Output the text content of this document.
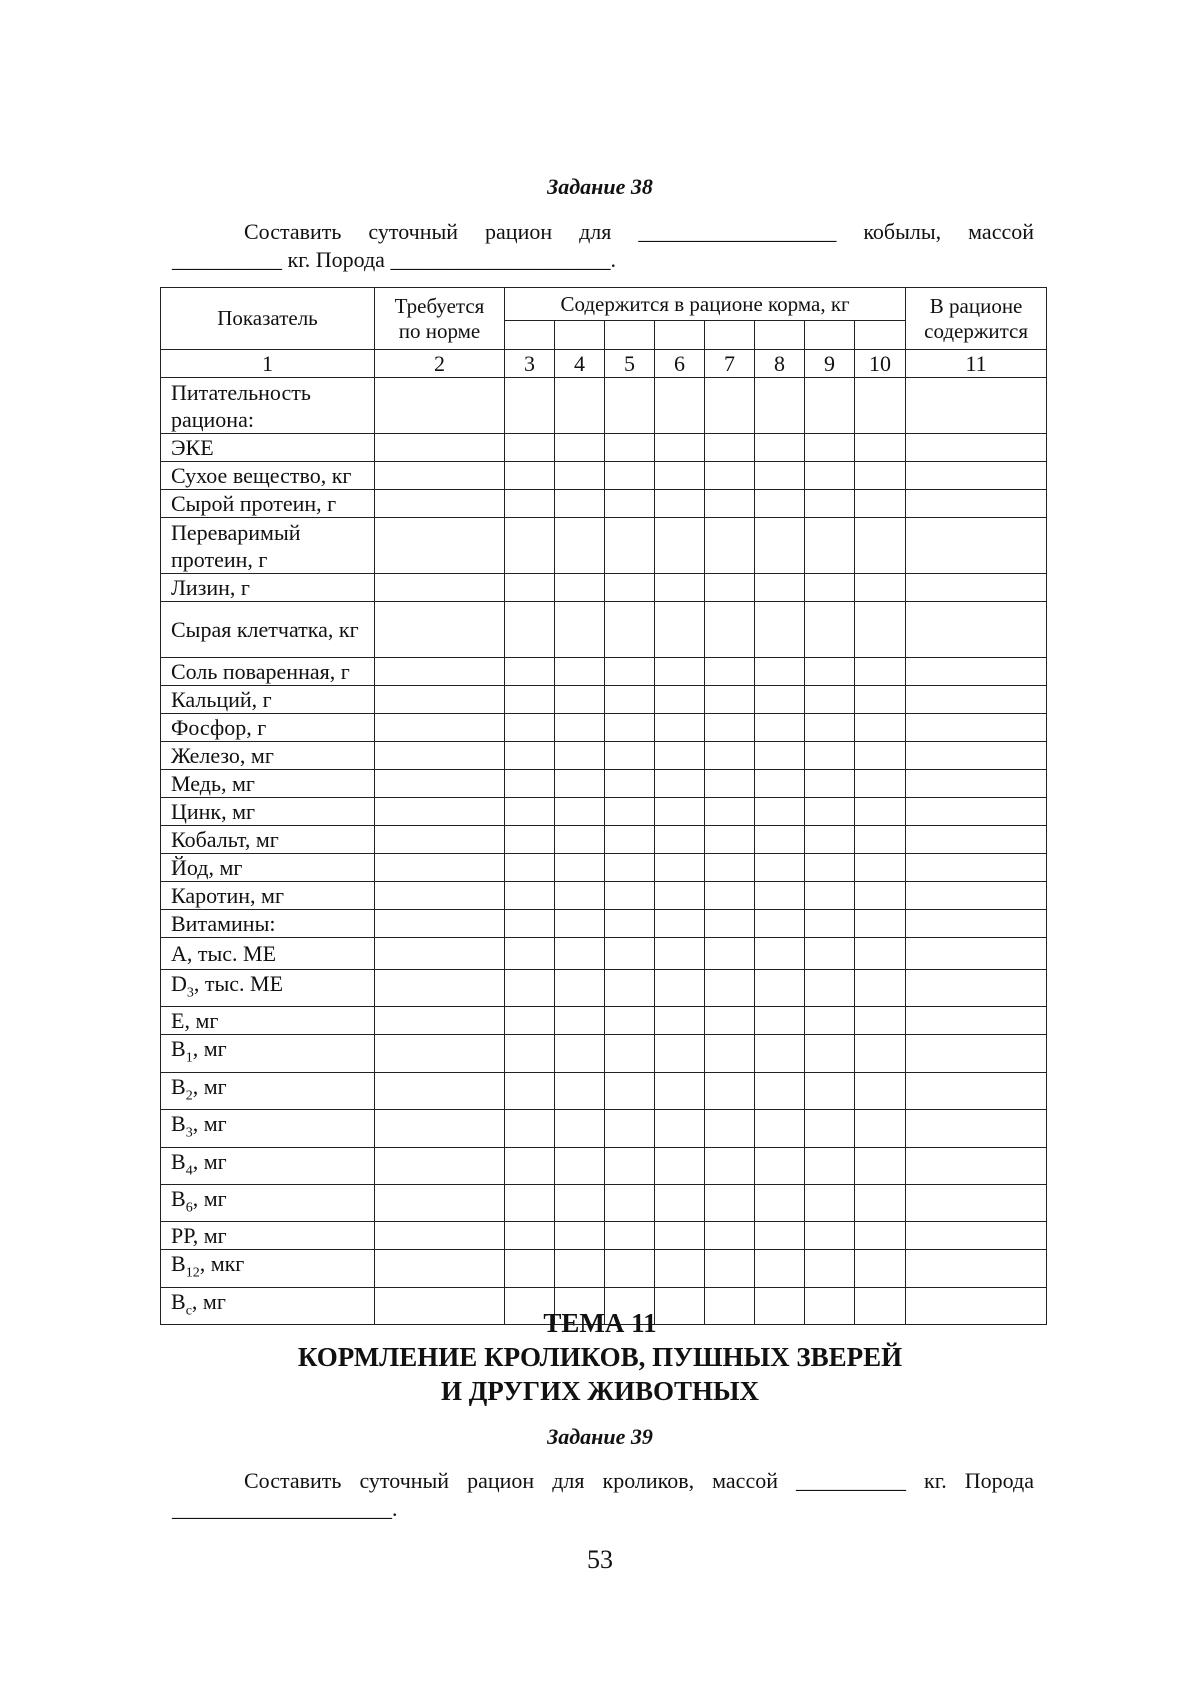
Задание 38
Составить суточный рацион для __________________ кобылы, массой
__________ кг. Порода ____________________.
Показатель	Требуется по норме	Содержится в рационе корма, кг								В рационе содержится

1	2	3	4	5	6	7	8	9	10	11
Питательность рациона:										
ЭКЕ										
Сухое вещество, кг										
Сырой протеин, г										
Переваримый протеин, г										
Лизин, г										
Сырая клетчатка, кг										
Соль поваренная, г										
Кальций, г										
Фосфор, г										
Железо, мг										
Медь, мг										
Цинк, мг										
Кобальт, мг										
Йод, мг										
Каротин, мг										
Витамины:										
А, тыс. МЕ										
$D_3$, тыс. МЕ										
Е, мг										
$В_1$, мг										
$В_2$, мг										
$В_3$, мг										
$В_4$, мг										
$В_6$, мг										
РР, мг										
$В_{12}$, мкг										
$В_с$, мг										
ТЕМА 11
КОРМЛЕНИЕ КРОЛИКОВ, ПУШНЫХ ЗВЕРЕЙ
И ДРУГИХ ЖИВОТНЫХ
Задание 39
Составить суточный рацион для кроликов, массой __________ кг. Порода
____________________.
53
